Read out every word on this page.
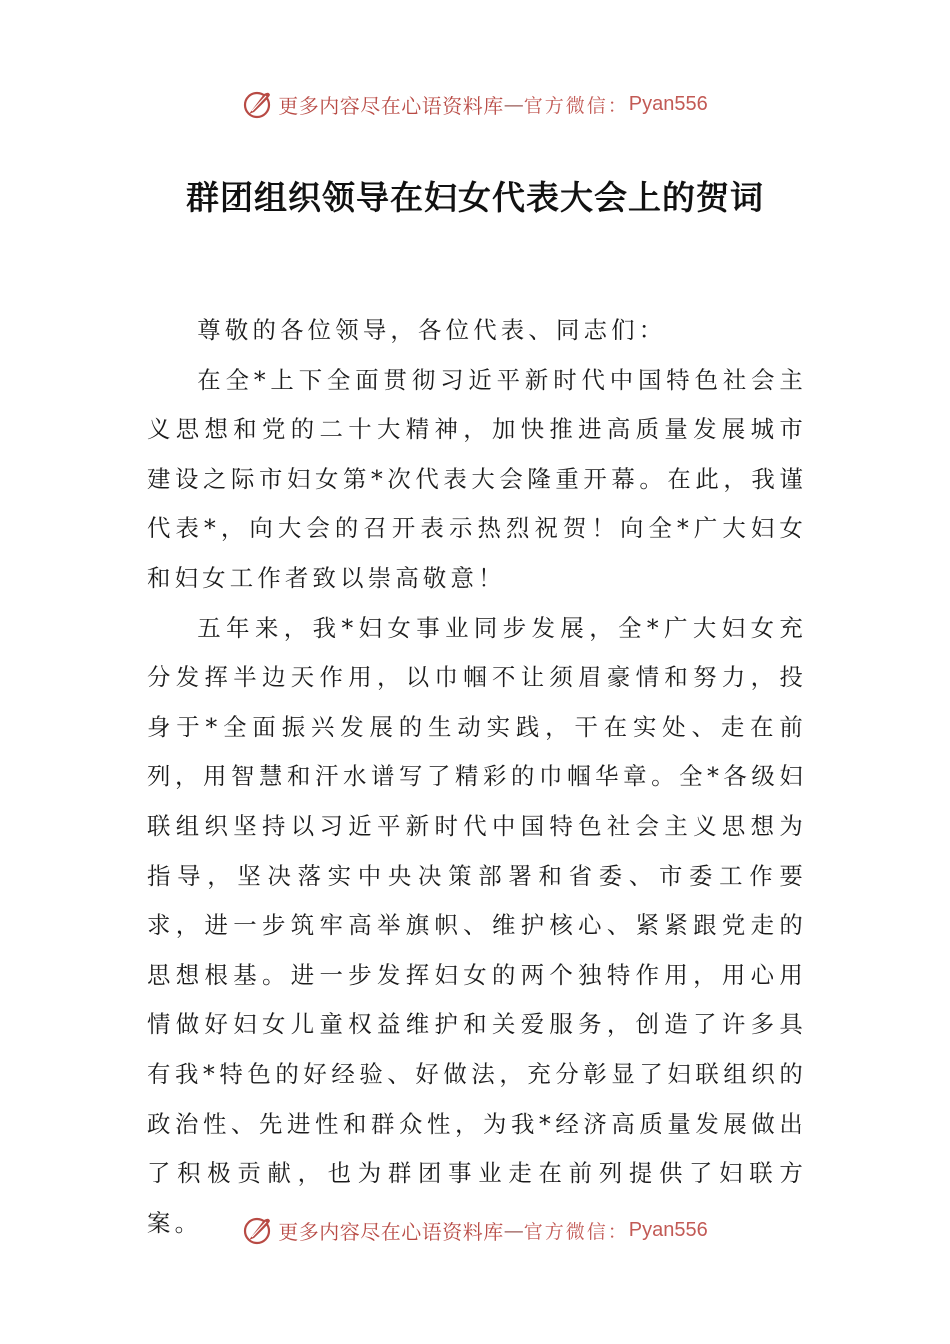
更多内容尽在心语资料库 — 官方微信： Pyan556
群团组织领导在妇女代表大会上的贺词

尊敬的各位领导，各位代表、同志们：

在全*上下全面贯彻习近平新时代中国特色社会主义思想和党的二十大精神，加快推进高质量发展城市建设之际市妇女第*次代表大会隆重开幕。在此，我谨代表*，向大会的召开表示热烈祝贺！向全*广大妇女和妇女工作者致以崇高敬意！

五年来，我*妇女事业同步发展，全*广大妇女充分发挥半边天作用，以巾帼不让须眉豪情和努力，投身于*全面振兴发展的生动实践，干在实处、走在前列，用智慧和汗水谱写了精彩的巾帼华章。全*各级妇联组织坚持以习近平新时代中国特色社会主义思想为指导，坚决落实中央决策部署和省委、市委工作要求，进一步筑牢高举旗帜、维护核心、紧紧跟党走的思想根基。进一步发挥妇女的两个独特作用，用心用情做好妇女儿童权益维护和关爱服务，创造了许多具有我*特色的好经验、好做法，充分彰显了妇联组织的政治性、先进性和群众性，为我*经济高质量发展做出了积极贡献，也为群团事业走在前列提供了妇联方案。	更多内容尽在心语资料库 — 官方微信： Pyan556
